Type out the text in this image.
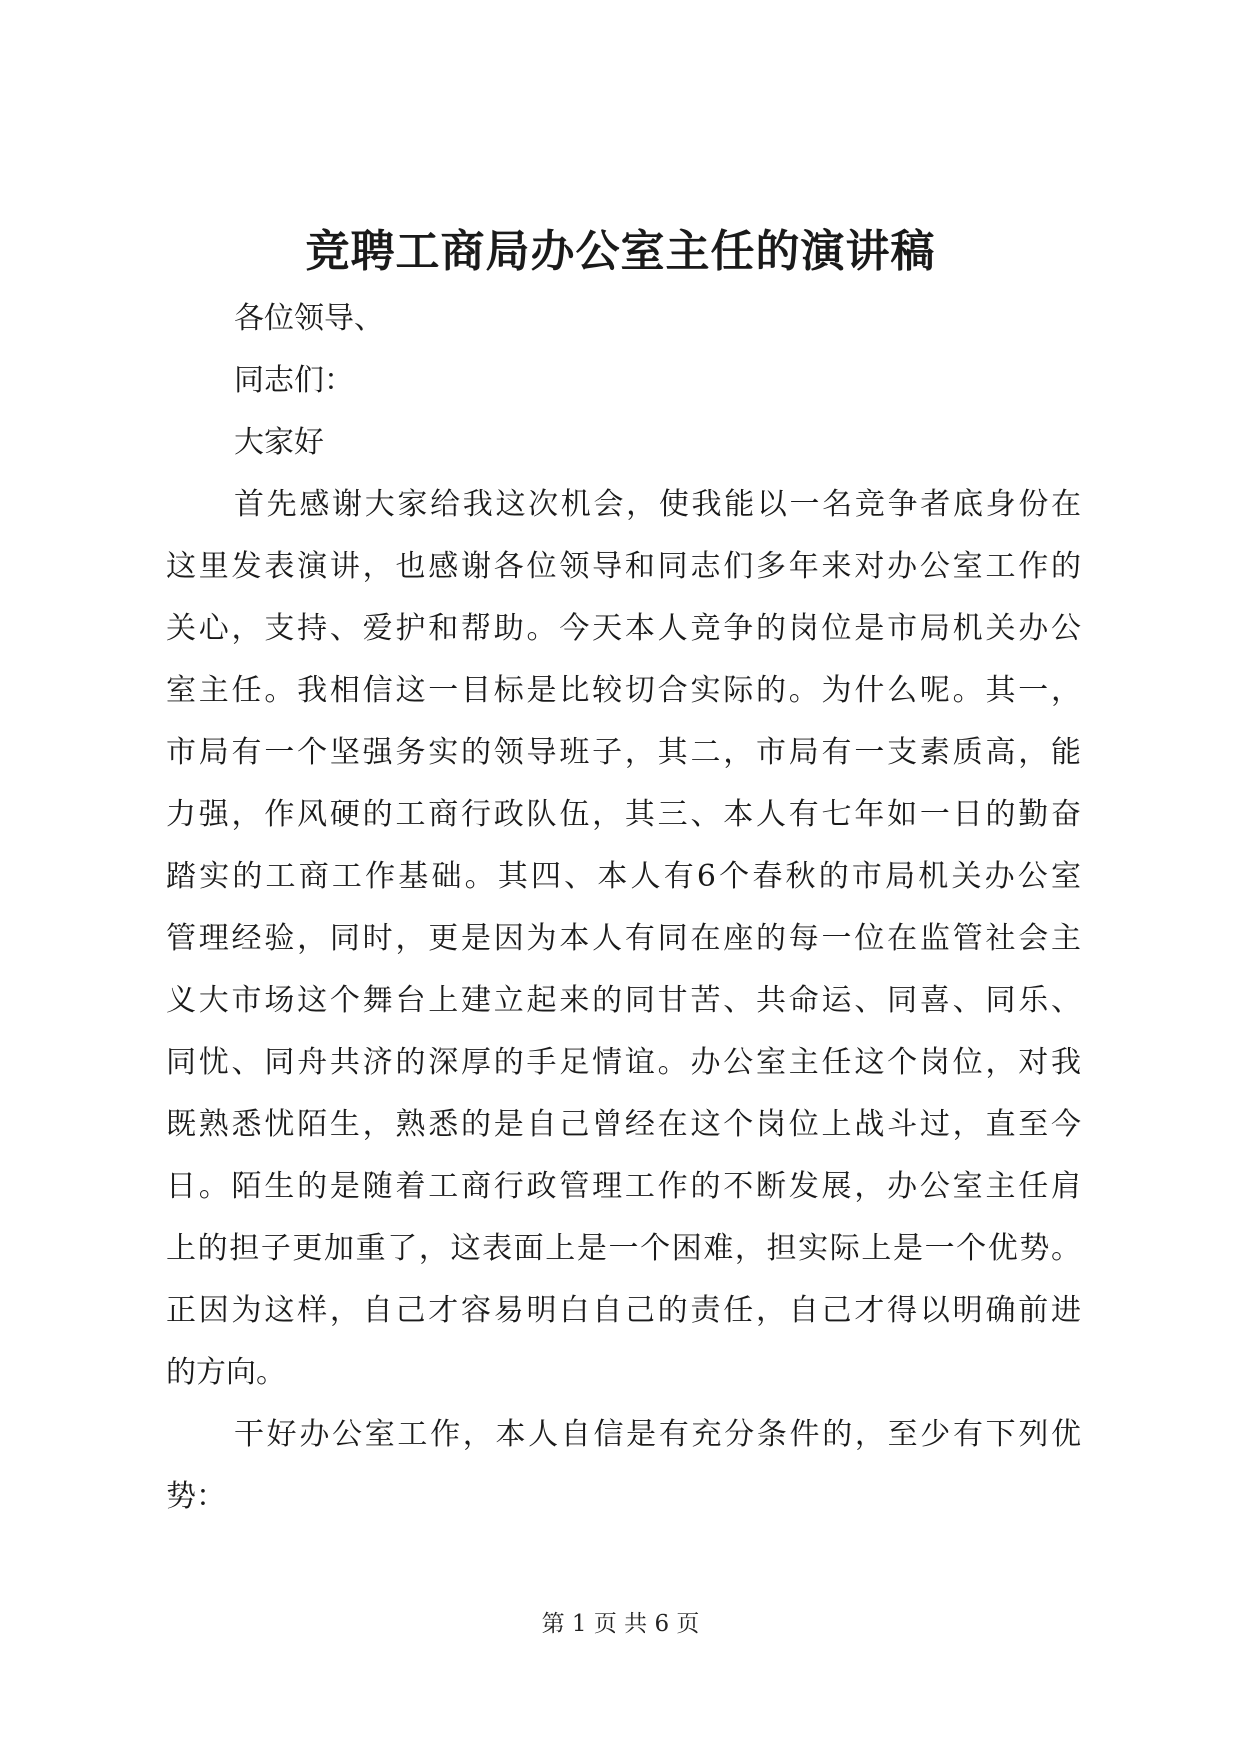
竞聘工商局办公室主任的演讲稿
各位领导、
同志们：
大家好
首先感谢大家给我这次机会，使我能以一名竞争者底身份在
这里发表演讲，也感谢各位领导和同志们多年来对办公室工作的
关心，支持、爱护和帮助。今天本人竞争的岗位是市局机关办公
室主任。我相信这一目标是比较切合实际的。为什么呢。其一，
市局有一个坚强务实的领导班子，其二，市局有一支素质高，能
力强，作风硬的工商行政队伍，其三、本人有七年如一日的勤奋
踏实的工商工作基础。其四、本人有6个春秋的市局机关办公室
管理经验，同时，更是因为本人有同在座的每一位在监管社会主
义大市场这个舞台上建立起来的同甘苦、共命运、同喜、同乐、
同忧、同舟共济的深厚的手足情谊。办公室主任这个岗位，对我
既熟悉忧陌生，熟悉的是自己曾经在这个岗位上战斗过，直至今
日。陌生的是随着工商行政管理工作的不断发展，办公室主任肩
上的担子更加重了，这表面上是一个困难，担实际上是一个优势。
正因为这样，自己才容易明白自己的责任，自己才得以明确前进
的方向。
干好办公室工作，本人自信是有充分条件的，至少有下列优
势：
第 1 页 共 6 页
